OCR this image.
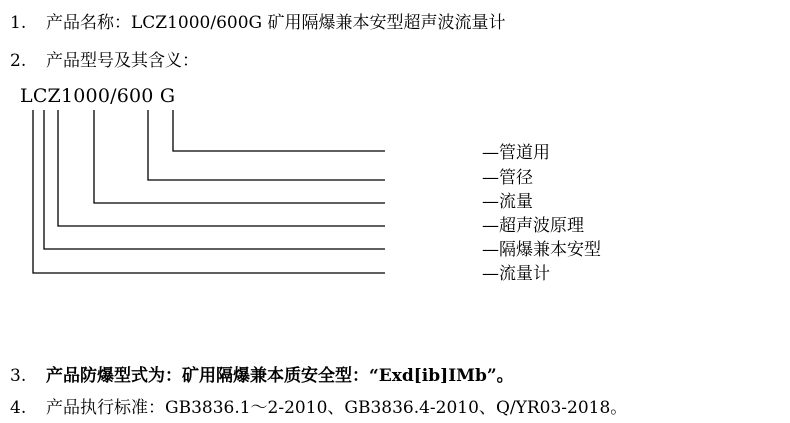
1. 产品名称：LCZ1000/600G 矿用隔爆兼本安型超声波流量计
2. 产品型号及其含义：
LCZ1000/600 G
—管道用
—管径
—流量
—超声波原理
—隔爆兼本安型
—流量计
3. 产品防爆型式为：矿用隔爆兼本质安全型：“Exd[ib]IMb”。
4. 产品执行标准：GB3836.1～2-2010、GB3836.4-2010、Q/YR03-2018。
